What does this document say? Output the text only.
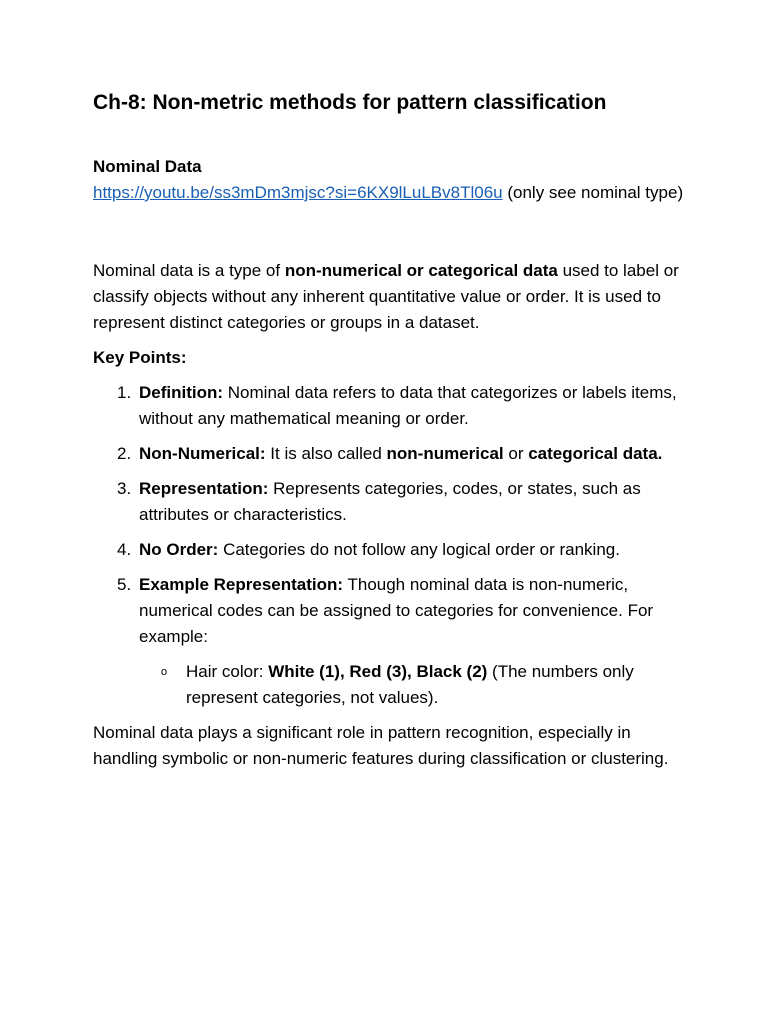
Ch-8: Non-metric methods for pattern classification

Nominal Data

https://youtu.be/ss3mDm3mjsc?si=6KX9lLuLBv8Tl06u (only see nominal type)

Nominal data is a type of non-numerical or categorical data used to label or classify objects without any inherent quantitative value or order. It is used to represent distinct categories or groups in a dataset.

Key Points:

1. Definition: Nominal data refers to data that categorizes or labels items, without any mathematical meaning or order.
2. Non-Numerical: It is also called non-numerical or categorical data.
3. Representation: Represents categories, codes, or states, such as attributes or characteristics.
4. No Order: Categories do not follow any logical order or ranking.
5. Example Representation: Though nominal data is non-numeric, numerical codes can be assigned to categories for convenience. For example:
o Hair color: White (1), Red (3), Black (2) (The numbers only represent categories, not values).

Nominal data plays a significant role in pattern recognition, especially in handling symbolic or non-numeric features during classification or clustering.
